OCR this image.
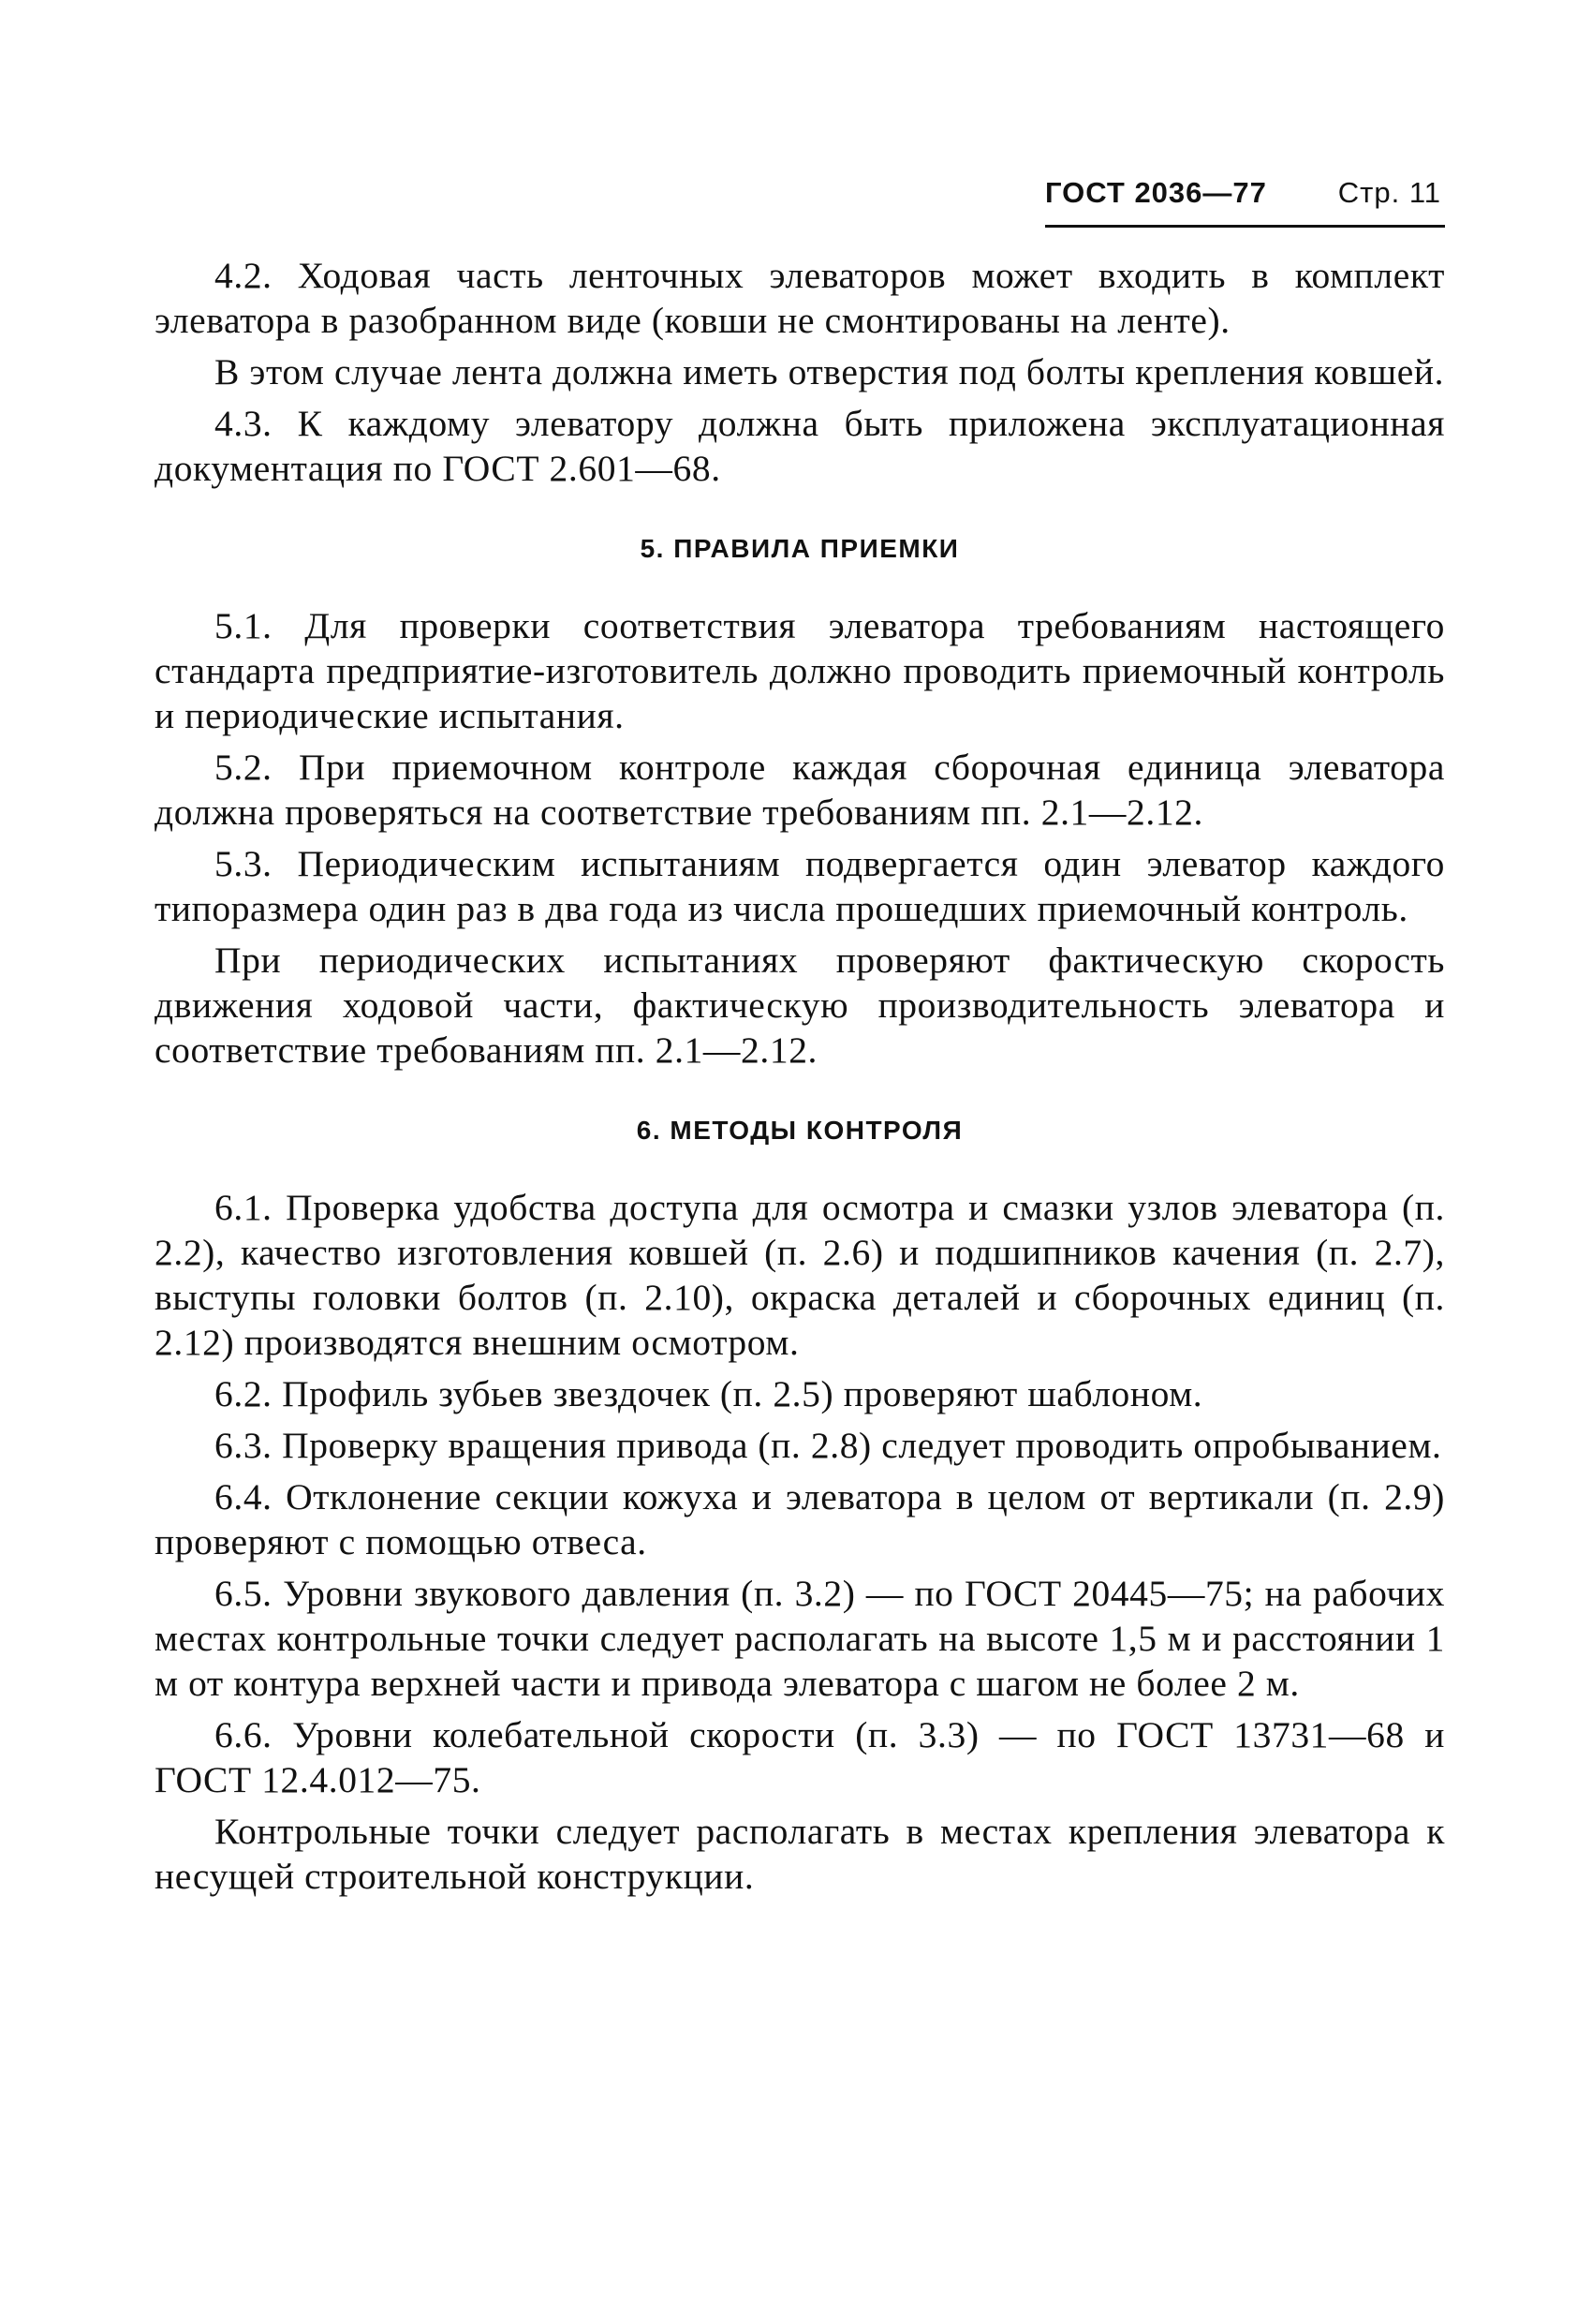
ГОСТ 2036—77 Стр. 11

4.2. Ходовая часть ленточных элеваторов может входить в комплект элеватора в разобранном виде (ковши не смонтированы на ленте).

В этом случае лента должна иметь отверстия под болты крепления ковшей.

4.3. К каждому элеватору должна быть приложена эксплуатационная документация по ГОСТ 2.601—68.

5. ПРАВИЛА ПРИЕМКИ

5.1. Для проверки соответствия элеватора требованиям настоящего стандарта предприятие-изготовитель должно проводить приемочный контроль и периодические испытания.

5.2. При приемочном контроле каждая сборочная единица элеватора должна проверяться на соответствие требованиям пп. 2.1—2.12.

5.3. Периодическим испытаниям подвергается один элеватор каждого типоразмера один раз в два года из числа прошедших приемочный контроль.

При периодических испытаниях проверяют фактическую скорость движения ходовой части, фактическую производительность элеватора и соответствие требованиям пп. 2.1—2.12.

6. МЕТОДЫ КОНТРОЛЯ

6.1. Проверка удобства доступа для осмотра и смазки узлов элеватора (п. 2.2), качество изготовления ковшей (п. 2.6) и подшипников качения (п. 2.7), выступы головки болтов (п. 2.10), окраска деталей и сборочных единиц (п. 2.12) производятся внешним осмотром.

6.2. Профиль зубьев звездочек (п. 2.5) проверяют шаблоном.

6.3. Проверку вращения привода (п. 2.8) следует проводить опробыванием.

6.4. Отклонение секции кожуха и элеватора в целом от вертикали (п. 2.9) проверяют с помощью отвеса.

6.5. Уровни звукового давления (п. 3.2) — по ГОСТ 20445—75; на рабочих местах контрольные точки следует располагать на высоте 1,5 м и расстоянии 1 м от контура верхней части и привода элеватора с шагом не более 2 м.

6.6. Уровни колебательной скорости (п. 3.3) — по ГОСТ 13731—68 и ГОСТ 12.4.012—75.

Контрольные точки следует располагать в местах крепления элеватора к несущей строительной конструкции.
